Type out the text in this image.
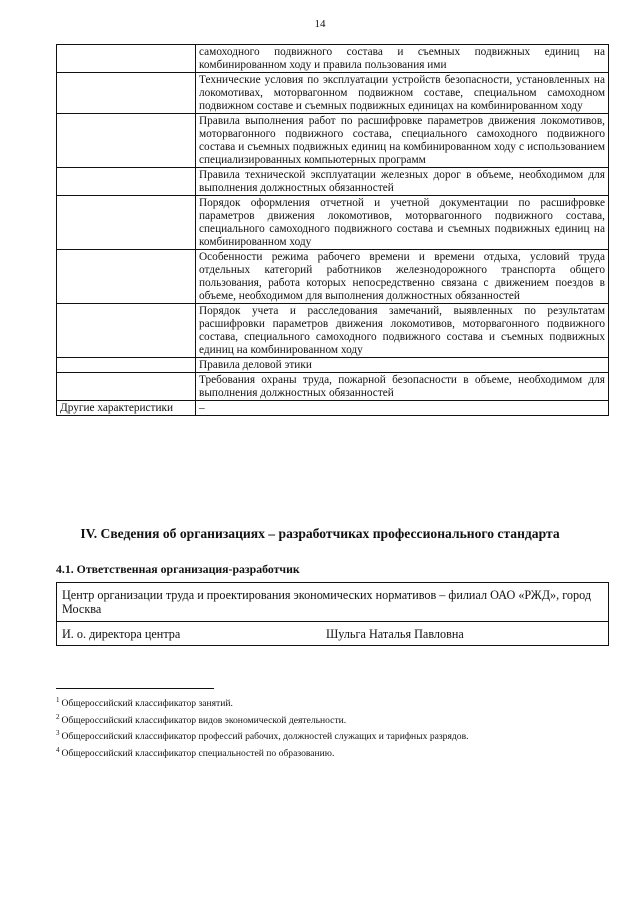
14
	самоходного подвижного состава и съемных подвижных единиц на комбинированном ходу и правила пользования ими
	Технические условия по эксплуатации устройств безопасности, установленных на локомотивах, моторвагонном подвижном составе, специальном самоходном подвижном составе и съемных подвижных единицах на комбинированном ходу
	Правила выполнения работ по расшифровке параметров движения локомотивов, моторвагонного подвижного состава, специального самоходного подвижного состава и съемных подвижных единиц на комбинированном ходу с использованием специализированных компьютерных программ
	Правила технической эксплуатации железных дорог в объеме, необходимом для выполнения должностных обязанностей
	Порядок оформления отчетной и учетной документации по расшифровке параметров движения локомотивов, моторвагонного подвижного состава, специального самоходного подвижного состава и съемных подвижных единиц на комбинированном ходу
	Особенности режима рабочего времени и времени отдыха, условий труда отдельных категорий работников железнодорожного транспорта общего пользования, работа которых непосредственно связана с движением поездов в объеме, необходимом для выполнения должностных обязанностей
	Порядок учета и расследования замечаний, выявленных по результатам расшифровки параметров движения локомотивов, моторвагонного подвижного состава, специального самоходного подвижного состава и съемных подвижных единиц на комбинированном ходу
	Правила деловой этики
	Требования охраны труда, пожарной безопасности в объеме, необходимом для выполнения должностных обязанностей
Другие характеристики	–
IV. Сведения об организациях – разработчиках профессионального стандарта
4.1. Ответственная организация-разработчик
Центр организации труда и проектирования экономических нормативов – филиал ОАО «РЖД», город Москва
И. о. директора центра	Шульга Наталья Павловна
$^1$ Общероссийский классификатор занятий.
$^2$ Общероссийский классификатор видов экономической деятельности.
$^3$ Общероссийский классификатор профессий рабочих, должностей служащих и тарифных разрядов.
$^4$ Общероссийский классификатор специальностей по образованию.
